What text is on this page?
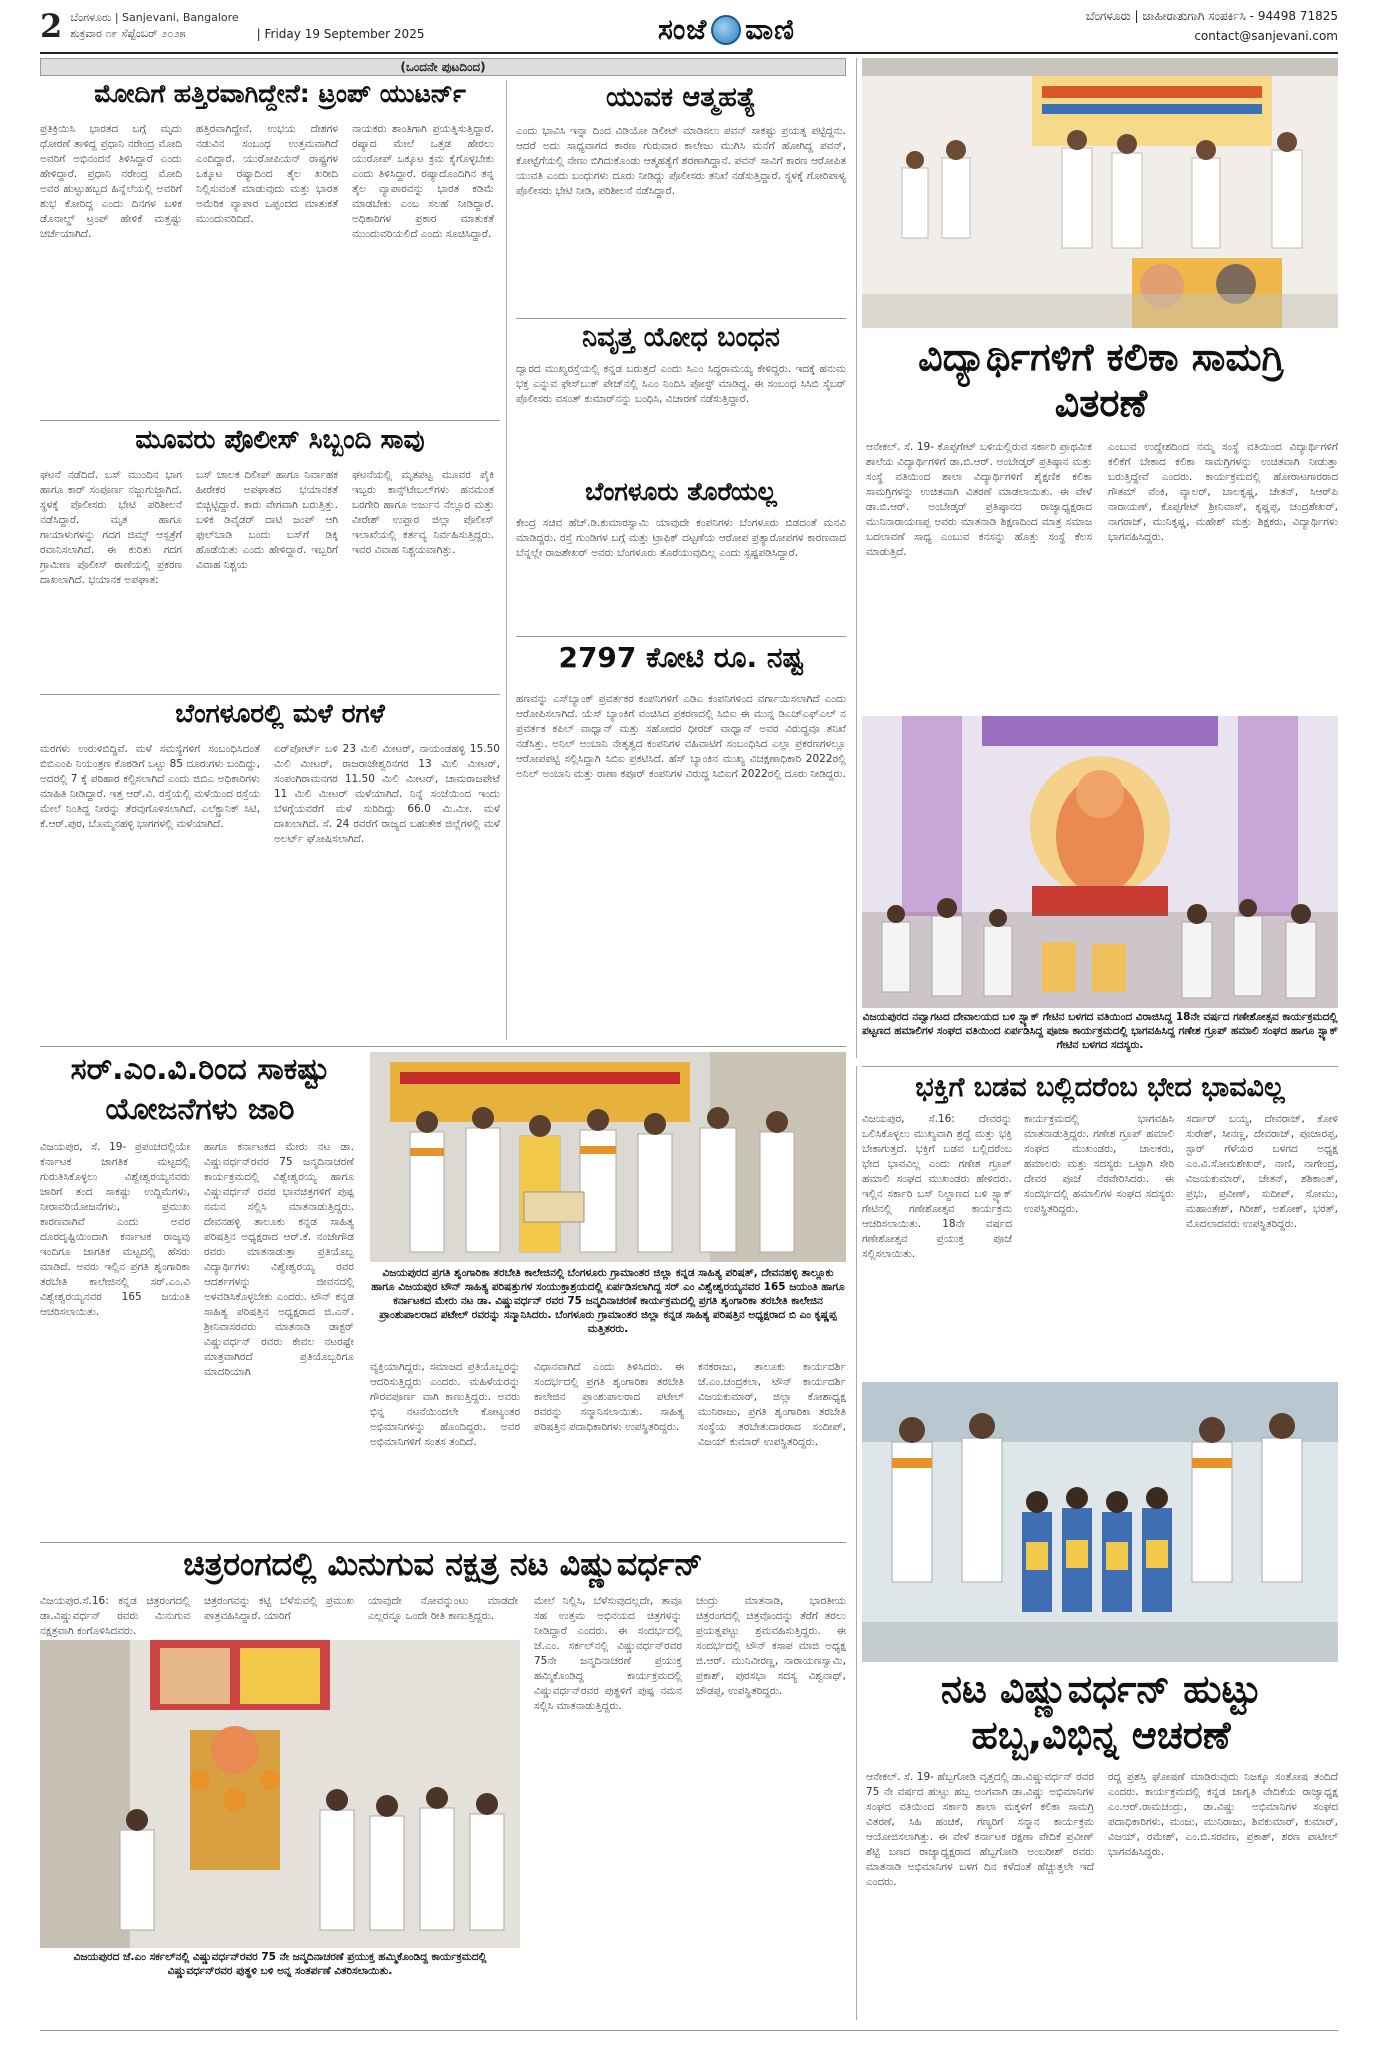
2 ಬೆಂಗಳೂರು | Sanjevani, Bangalore
ಶುಕ್ರವಾರ ೧೯ ಸೆಪ್ಟೆಂಬರ್ ೨೦೨೫	| Friday 19 September 2025	ಸಂಜೆ ವಾಣಿ	ಬೆಂಗಳೂರು | ಜಾಹೀರಾತುಗಾಗಿ ಸಂಪರ್ಕಿಸಿ - 94498 71825
contact@sanjevani.com
(ಒಂದನೇ ಪುಟದಿಂದ)
ಮೋದಿಗೆ ಹತ್ತಿರವಾಗಿದ್ದೇನೆ: ಟ್ರಂಪ್ ಯುಟರ್ನ್
ಪ್ರತಿಕ್ರಿಯಿಸಿ ಭಾರತದ ಬಗ್ಗೆ ಮೃದು ಧೋರಣೆ ತಾಳಿದ್ದ ಪ್ರಧಾನಿ ನರೇಂದ್ರ ಮೋದಿ ಅವರಿಗೆ ಅಭಿನಂದನೆ ತಿಳಿಸಿದ್ದಾರೆ ಎಂದು ಹೇಳಿದ್ದಾರೆ. ಪ್ರಧಾನಿ ನರೇಂದ್ರ ಮೋದಿ ಅವರ ಹುಟ್ಟುಹಬ್ಬದ ಹಿನ್ನೆಲೆಯಲ್ಲಿ ಅವರಿಗೆ ಶುಭ ಕೋರಿದ್ದ ಎಂದು ದಿನಗಳ ಬಳಿಕ ಡೊನಾಲ್ಡ್ ಟ್ರಂಪ್ ಹೇಳಿಕೆ ಮತ್ತಷ್ಟು ಚರ್ಚೆಯಾಗಿದೆ.
ಹತ್ತಿರವಾಗಿದ್ದೇನೆ. ಉಭಯ ದೇಶಗಳ ನಡುವಿನ ಸಂಬಂಧ ಉತ್ತಮವಾಗಿದೆ ಎಂದಿದ್ದಾರೆ. ಯುರೋಪಿಯನ್ ರಾಷ್ಟ್ರಗಳ ಒಕ್ಕೂಟ ರಷ್ಯಾದಿಂದ ತೈಲ ಖರೀದಿ ನಿಲ್ಲಿಸುವಂತೆ ಮಾಡುವುದು ಮತ್ತು ಭಾರತ ಅಮೆರಿಕ ವ್ಯಾಪಾರ ಒಪ್ಪಂದದ ಮಾತುಕತೆ ಮುಂದುವರಿದಿದೆ.
ನಾಯಕರು ಶಾಂತಿಗಾಗಿ ಪ್ರಯತ್ನಿಸುತ್ತಿದ್ದಾರೆ. ರಷ್ಯಾದ ಮೇಲೆ ಒತ್ತಡ ಹೇರಲು ಯುರೋಪ್ ಒಕ್ಕೂಟ ಕ್ರಮ ಕೈಗೊಳ್ಳಬೇಕು ಎಂದು ತಿಳಿಸಿದ್ದಾರೆ. ರಷ್ಯಾದೊಂದಿಗಿನ ತನ್ನ ತೈಲ ವ್ಯಾಪಾರವನ್ನು ಭಾರತ ಕಡಿಮೆ ಮಾಡಬೇಕು ಎಂಬ ಸಲಹೆ ನೀಡಿದ್ದಾರೆ. ಅಧಿಕಾರಿಗಳ ಪ್ರಕಾರ ಮಾತುಕತೆ ಮುಂದುವರಿಯಲಿದೆ ಎಂದು ಸೂಚಿಸಿದ್ದಾರೆ.
ಮೂವರು ಪೊಲೀಸ್ ಸಿಬ್ಬಂದಿ ಸಾವು
ಘಟನೆ ನಡೆದಿದೆ. ಬಸ್ ಮುಂದಿನ ಭಾಗ ಹಾಗೂ ಕಾರ್ ಸಂಪೂರ್ಣ ನಜ್ಜುಗುಜ್ಜಾಗಿದೆ. ಸ್ಥಳಕ್ಕೆ ಪೊಲೀಸರು ಭೇಟಿ ಪರಿಶೀಲನೆ ನಡೆಸಿದ್ದಾರೆ. ಮೃತ ಹಾಗೂ ಗಾಯಾಳುಗಳನ್ನು ಗದಗ ಜಿಮ್ಸ್ ಆಸ್ಪತ್ರೆಗೆ ರವಾನಿಸಲಾಗಿದೆ. ಈ ಕುರಿತು ಗದಗ ಗ್ರಾಮೀಣ ಪೊಲೀಸ್ ಠಾಣೆಯಲ್ಲಿ ಪ್ರಕರಣ ದಾಖಲಾಗಿದೆ. ಭಯಾನಕ ಅಪಘಾತ:
ಬಸ್ ಚಾಲಕ ದಿಲೀಪ್ ಹಾಗೂ ನಿರ್ವಾಹಕ ಹೀರೇಕರ ಅಪಘಾತದ ಭಯಾನಕತೆ ಬಿಚ್ಚಿಟ್ಟಿದ್ದಾರೆ. ಕಾರು ವೇಗವಾಗಿ ಬರುತ್ತಿತ್ತು. ಬಳಿಕ ಡಿವೈಡರ್ ದಾಟಿ ಜಂಪ್ ಆಗಿ ಫುಲ್‌ಬಾಡಿ ಬಂದು ಬಸ್‌ಗೆ ಡಿಕ್ಕಿ ಹೊಡೆಯಿತು ಎಂದು ಹೇಳಿದ್ದಾರೆ. ಇಬ್ಬರಿಗೆ ವಿವಾಹ ನಿಶ್ಚಯ
ಘಟನೆಯಲ್ಲಿ ಮೃತಪಟ್ಟ ಮೂವರ ಪೈಕಿ ಇಬ್ಬರು ಕಾನ್ಸ್‌ಟೇಬಲ್‌ಗಳು ಹನಮಂತ ಬರಗೇರಿ ಹಾಗೂ ಅರ್ಜುನ ನೆಲ್ಲೂರ ಮತ್ತು ವೀರೇಶ್ ಉಪ್ಪಾರ ಜಿಲ್ಲಾ ಪೊಲೀಸ್ ಇಲಾಖೆಯಲ್ಲಿ ಕರ್ತವ್ಯ ನಿರ್ವಹಿಸುತ್ತಿದ್ದರು. ಇವರ ವಿವಾಹ ನಿಶ್ಚಯವಾಗಿತ್ತು.
ಬೆಂಗಳೂರಲ್ಲಿ ಮಳೆ ರಗಳೆ
ಮರಗಳು ಉರುಳಿಬಿದ್ದಿವೆ. ಮಳೆ ಸಮಸ್ಯೆಗಳಿಗೆ ಸಂಬಂಧಿಸಿದಂತೆ ಬಿಬಿಎಂಪಿ ನಿಯಂತ್ರಣ ಕೊಠಡಿಗೆ ಒಟ್ಟು 85 ದೂರುಗಳು ಬಂದಿದ್ದು, ಅದರಲ್ಲಿ 7 ಕ್ಕೆ ಪರಿಹಾರ ಕಲ್ಪಿಸಲಾಗಿದೆ ಎಂದು ಜಿಬಿಎ ಅಧಿಕಾರಿಗಳು ಮಾಹಿತಿ ನೀಡಿದ್ದಾರೆ. ಇತ್ತ ಆರ್.ವಿ. ರಸ್ತೆಯಲ್ಲಿ ಮಳೆಯಿಂದ ರಸ್ತೆಯ ಮೇಲೆ ನಿಂತಿದ್ದ ನೀರನ್ನು ತೆರವುಗೊಳಿಸಲಾಗಿದೆ. ಎಲೆಕ್ಟ್ರಾನಿಕ್ ಸಿಟಿ, ಕೆ.ಆರ್.ಪುರ, ಬೊಮ್ಮನಹಳ್ಳಿ ಭಾಗಗಳಲ್ಲಿ ಮಳೆಯಾಗಿದೆ.
ಏರ್‌ಪೋರ್ಟ್ ಬಳಿ 23 ಮಿಲಿ ಮೀಟರ್, ನಾಯಂಡಹಳ್ಳಿ 15.50 ಮಿಲಿ ಮೀಟರ್, ರಾಜರಾಜೇಶ್ವರಿನಗರ 13 ಮಿಲಿ ಮೀಟರ್, ಸಂಪಂಗಿರಾಮನಗರ 11.50 ಮಿಲಿ ಮೀಟರ್, ಚಾಮರಾಜಪೇಟೆ 11 ಮಿಲಿ ಮೀಟರ್ ಮಳೆಯಾಗಿದೆ. ನಿನ್ನೆ ಸಂಜೆಯಿಂದ ಇಂದು ಬೆಳಗ್ಗೆಯವರೆಗೆ ಮಳೆ ಸುರಿದಿದ್ದು 66.0 ಮಿ.ಮೀ. ಮಳೆ ದಾಖಲಾಗಿದೆ. ಸೆ. 24 ರವರೆಗೆ ರಾಜ್ಯದ ಬಹುತೇಕ ಜಿಲ್ಲೆಗಳಲ್ಲಿ ಮಳೆ ಅಲರ್ಟ್ ಘೋಷಿಸಲಾಗಿದೆ.
ಯುವಕ ಆತ್ಮಹತ್ಯೆ
ಎಂದು ಭಾವಿಸಿ ಇನ್ನಾ ದಿಂದ ವಿಡಿಯೋ ಡಿಲೀಟ್ ಮಾಡಿಸಲು ಪವನ್ ಸಾಕಷ್ಟು ಪ್ರಯತ್ನ ಪಟ್ಟಿದ್ದನು. ಆದರೆ ಅದು ಸಾಧ್ಯವಾಗದ ಕಾರಣ ಗುರುವಾರ ಕಾಲೇಜು ಮುಗಿಸಿ ಮನೆಗೆ ಹೋಗಿದ್ದ ಪವನ್, ಕೋಟ್ಟೆಗೆಯಲ್ಲಿ ನೇಣು ಬಿಗಿದುಕೊಂಡು ಆತ್ಮಹತ್ಯೆಗೆ ಶರಣಾಗಿದ್ದಾನೆ. ಪವನ್ ಸಾವಿಗೆ ಕಾರಣ ಆರೋಪಿತ ಯುವತಿ ಎಂದು ಬಂಧುಗಳು ದೂರು ನೀಡಿದ್ದು ಪೊಲೀಸರು ತನಿಖೆ ನಡೆಸುತ್ತಿದ್ದಾರೆ. ಸ್ಥಳಕ್ಕೆ ಗೋರಿಪಾಳ್ಯ ಪೊಲೀಸರು ಭೇಟಿ ನೀಡಿ, ಪರಿಶೀಲನೆ ನಡೆಸಿದ್ದಾರೆ.
ನಿವೃತ್ತ ಯೋಧ ಬಂಧನ
ದ್ವಾರದ ಮುಖ್ಯರಸ್ತೆಯಲ್ಲಿ ಕನ್ನಡ ಬರುತ್ತದೆ ಎಂದು ಸಿಎಂ ಸಿದ್ದರಾಮಯ್ಯ ಕೇಳಿದ್ದರು. ಇದಕ್ಕೆ ಹನುಮ ಭಕ್ತ ಎನ್ನುವ ಫೇಸ್‌ಬುಕ್ ಪೇಜ್‌ನಲ್ಲಿ ಸಿಎಂ ನಿಂದಿಸಿ ಪೋಸ್ಟ್ ಮಾಡಿದ್ದ. ಈ ಸಂಬಂಧ ಸಿಸಿಬಿ ಸೈಬರ್ ಪೊಲೀಸರು ವಸಂತ್ ಕುಮಾರ್‌ನನ್ನು ಬಂಧಿಸಿ, ವಿಚಾರಣೆ ನಡೆಸುತ್ತಿದ್ದಾರೆ.
ಬೆಂಗಳೂರು ತೊರೆಯಲ್ಲ
ಕೇಂದ್ರ ಸಚಿವ ಹೆಚ್.ಡಿ.ಕುಮಾರಸ್ವಾಮಿ ಯಾವುದೇ ಕಂಪನಿಗಳು ಬೆಂಗಳೂರು ಬಿಡದಂತೆ ಮನವಿ ಮಾಡಿದ್ದರು. ರಸ್ತೆ ಗುಂಡಿಗಳ ಬಗ್ಗೆ ಮತ್ತು ಟ್ರಾಫಿಕ್ ದಟ್ಟಣೆಯ ಆರೋಪ ಪ್ರತ್ಯಾರೋಪಗಳ ಕಾರಣವಾದ ಬೆನ್ನಲ್ಲೇ ರಾಜಶೇಖರ್ ಅವರು ಬೆಂಗಳೂರು ತೊರೆಯುವುದಿಲ್ಲ ಎಂದು ಸ್ಪಷ್ಟಪಡಿಸಿದ್ದಾರೆ.
2797 ಕೋಟಿ ರೂ. ನಷ್ಟ
ಹಣವನ್ನು ಎಸ್‌ಬ್ಯಾಂಕ್ ಪ್ರವರ್ತಕರ ಕಂಪನಿಗಳಿಗೆ ಎಡಿಎ ಕಂಪನಿಗಳಿಂದ ವರ್ಗಾಯಿಸಲಾಗಿದೆ ಎಂದು ಆರೋಪಿಸಲಾಗಿದೆ. ಯೆಸ್ ಬ್ಯಾಂಕಿಗೆ ವಂಚಿಸಿದ ಪ್ರಕರಣದಲ್ಲಿ ಸಿಬಿಐ ಈ ಮುನ್ನ ಡಿಎಚ್‌ಎಫ್‌ಎಲ್ ನ ಪ್ರವರ್ತಕ ಕಪಿಲ್ ವಾಧ್ವಾನ್ ಮತ್ತು ಸಹೋದರ ಧೀರಜ್ ವಾಧ್ವಾನ್ ಅವರ ವಿರುದ್ಧವೂ ತನಿಖೆ ನಡೆಸಿತ್ತು. ಅನಿಲ್ ಅಂಬಾನಿ ನೇತೃತ್ವದ ಕಂಪನಿಗಳ ವಹಿವಾಟಿಗೆ ಸಂಬಂಧಿಸಿದ ಎಲ್ಲಾ ಪ್ರಕರಣಗಳಲ್ಲೂ ಆರೋಪಪಟ್ಟಿ ಸಲ್ಲಿಸಿದ್ದಾಗಿ ಸಿಬಿಐ ಪ್ರಕಟಿಸಿದೆ. ಹೆಸ್ ಬ್ಯಾಂಕಿನ ಮುಖ್ಯ ವಿಚಕ್ಷಣಾಧಿಕಾರಿ 2022ರಲ್ಲಿ ಅನಿಲ್ ಅಂಬಾನಿ ಮತ್ತು ರಾಣಾ ಕಪೂರ್ ಕಂಪನಿಗಳ ವಿರುದ್ಧ ಸಿಬಿಐಗೆ 2022ರಲ್ಲಿ ದೂರು ನೀಡಿದ್ದರು.
ವಿದ್ಯಾರ್ಥಿಗಳಿಗೆ ಕಲಿಕಾ ಸಾಮಗ್ರಿ ವಿತರಣೆ
ಆನೇಕಲ್. ಸೆ. 19- ಕೊಪ್ಪಗೇಟ್ ಬಳಿಯಲ್ಲಿರುವ ಸರ್ಕಾರಿ ಪ್ರಾಥಮಿಕ ಶಾಲೆಯ ವಿದ್ಯಾರ್ಥಿಗಳಿಗೆ ಡಾ.ಬಿ.ಆರ್. ಅಂಬೇಡ್ಕರ್ ಪ್ರತಿಷ್ಠಾನ ಮತ್ತು ಸಂಸ್ಥೆ ವತಿಯಿಂದ ಶಾಲಾ ವಿದ್ಯಾರ್ಥಿಗಳಿಗೆ ಶೈಕ್ಷಣಿಕ ಕಲಿಕಾ ಸಾಮಗ್ರಿಗಳನ್ನು ಉಚಿತವಾಗಿ ವಿತರಣೆ ಮಾಡಲಾಯಿತು. ಈ ವೇಳೆ ಡಾ.ಬಿ.ಆರ್. ಅಂಬೇಡ್ಕರ್ ಪ್ರತಿಷ್ಠಾನದ ರಾಜ್ಯಾಧ್ಯಕ್ಷರಾದ ಮುನಿನಾರಾಯಣಪ್ಪ ಅವರು ಮಾತನಾಡಿ ಶಿಕ್ಷಣದಿಂದ ಮಾತ್ರ ಸಮಾಜ ಬದಲಾವಣೆ ಸಾಧ್ಯ ಎಂಬುವ ಕನಸನ್ನು ಹೊತ್ತು ಸಂಸ್ಥೆ ಕೆಲಸ ಮಾಡುತ್ತಿದೆ.
ಎಂಬುವ ಉದ್ದೇಶದಿಂದ ನಮ್ಮ ಸಂಸ್ಥೆ ವತಿಯಿಂದ ವಿದ್ಯಾರ್ಥಿಗಳಿಗೆ ಕಲಿಕೆಗೆ ಬೇಕಾದ ಕಲಿಕಾ ಸಾಮಗ್ರಿಗಳನ್ನು ಉಚಿತವಾಗಿ ನೀಡುತ್ತಾ ಬರುತ್ತಿದ್ದೇವೆ ಎಂದರು. ಕಾರ್ಯಕ್ರಮದಲ್ಲಿ ಹೋರಾಟಗಾರರಾದ ಗೌತಮ್ ವೆಂಕಿ, ವ್ಯಾಲರ್, ಬಾಲಕೃಷ್ಣ, ಚೇತನ್, ಸಿಆರ್‌ಪಿ ನಾರಾಯಣ್, ಕೊಪ್ಪಗೇಟ್ ಶ್ರೀನಿವಾಸ್, ಕೃಷ್ಣಪ್ಪ, ಚಂದ್ರಶೇಖರ್, ನಾಗರಾಜ್, ಮುನಿಕೃಷ್ಣ, ಮಹೇಶ್ ಮತ್ತು ಶಿಕ್ಷಕರು, ವಿದ್ಯಾರ್ಥಿಗಳು ಭಾಗವಹಿಸಿದ್ದರು.
ವಿಜಯಪುರದ ನವ್ವಾಗಟದ ದೇವಾಲಯದ ಬಳಿ ಸ್ಟ್ಯಾಕ್ ಗೇಟಿನ ಬಳಗದ ವತಿಯಿಂದ ವಿರಾಜಿಸಿದ್ದ 18ನೇ ವರ್ಷದ ಗಣೇಶೋತ್ಸವ ಕಾರ್ಯಕ್ರಮದಲ್ಲಿ ಪಟ್ಟಣದ ಹಮಾಲಿಗಳ ಸಂಘದ ವತಿಯಿಂದ ಏರ್ಪಡಿಸಿದ್ದ ಪೂಜಾ ಕಾರ್ಯಕ್ರಮದಲ್ಲಿ ಭಾಗವಹಿಸಿದ್ದ ಗಣೇಶ ಗ್ರೂಪ್ ಹಮಾಲಿ ಸಂಘದ ಹಾಗೂ ಸ್ಟ್ಯಾಕ್ ಗೇಟಿನ ಬಳಗದ ಸದಸ್ಯರು.
ಸರ್.ಎಂ.ವಿ.ರಿಂದ ಸಾಕಷ್ಟು ಯೋಜನೆಗಳು ಜಾರಿ
ವಿಜಯಪುರ, ಸೆ. 19- ಪ್ರಪಂಚದಲ್ಲಿಯೇ ಕರ್ನಾಟಕ ಜಾಗತಿಕ ಮಟ್ಟದಲ್ಲಿ ಗುರುತಿಸಿಕೊಳ್ಳಲು ವಿಶ್ವೇಶ್ವರಯ್ಯನವರು ಜಾರಿಗೆ ತಂದ ಸಾಕಷ್ಟು ಉದ್ದಿಮೆಗಳು, ನೀರಾವರಿಯೋಜನೆಗಳು, ಪ್ರಮುಖ ಕಾರಣವಾಗಿವೆ ಎಂದು ಅವರ ದೂರದೃಷ್ಟಿಯಿಂದಾಗಿ ಕರ್ನಾಟಕ ರಾಜ್ಯವು ಇಂದಿಗೂ ಜಾಗತಿಕ ಮಟ್ಟದಲ್ಲಿ ಹೆಸರು ಮಾಡಿದೆ. ಅವರು ಇಲ್ಲಿನ ಪ್ರಗತಿ ಶೃಂಗಾರಿಕಾ ತರಬೇತಿ ಕಾಲೇಜಿನಲ್ಲಿ ಸರ್.ಎಂ.ವಿ ವಿಶ್ವೇಶ್ವರಯ್ಯನವರ 165 ಜಯಂತಿ ಆಚರಿಸಲಾಯಿತು.
ಹಾಗೂ ಕರ್ನಾಟಕದ ಮೇರು ನಟ ಡಾ. ವಿಷ್ಣುವರ್ಧನ್‌ರವರ 75 ಜನ್ಮದಿನಾಚರಣೆ ಕಾರ್ಯಕ್ರಮದಲ್ಲಿ ವಿಶ್ವೇಶ್ವರಯ್ಯ ಹಾಗೂ ವಿಷ್ಣುವರ್ಧನ್ ರವರ ಭಾವಚಿತ್ರಗಳಿಗೆ ಪುಷ್ಪ ನಮನ ಸಲ್ಲಿಸಿ ಮಾತನಾಡುತ್ತಿದ್ದರು. ದೇವನಹಳ್ಳಿ ತಾಲೂಕು ಕನ್ನಡ ಸಾಹಿತ್ಯ ಪರಿಷತ್ತಿನ ಅಧ್ಯಕ್ಷರಾದ ಆರ್.ಕೆ. ನಂಜೇಗೌಡ ರವರು ಮಾತನಾಡುತ್ತಾ ಪ್ರತಿಯೊಬ್ಬ ವಿದ್ಯಾರ್ಥಿಗಳು ವಿಶ್ವೇಶ್ವರಯ್ಯ ರವರ ಆದರ್ಶಗಳನ್ನು ಜೀವನದಲ್ಲಿ ಅಳವಡಿಸಿಕೊಳ್ಳಬೇಕು ಎಂದರು. ಟೌನ್ ಕನ್ನಡ ಸಾಹಿತ್ಯ ಪರಿಷತ್ತಿನ ಅಧ್ಯಕ್ಷರಾದ ಜಿ.ಎನ್. ಶ್ರೀನಿವಾಸರವರು ಮಾತನಾಡಿ ಡಾಕ್ಟರ್ ವಿಷ್ಣುವರ್ಧನ್ ರವರು ಕೇವಲ ನಟರಷ್ಟೇ ಮಾತ್ರವಾಗಿರದೆ ಪ್ರತಿಯೊಬ್ಬರಿಗೂ ಮಾದರಿಯಾಗಿ
ವಿಜಯಪುರದ ಪ್ರಗತಿ ಶೃಂಗಾರಿಕಾ ತರಬೇತಿ ಕಾಲೇಜಿನಲ್ಲಿ ಬೆಂಗಳೂರು ಗ್ರಾಮಾಂತರ ಜಿಲ್ಲಾ ಕನ್ನಡ ಸಾಹಿತ್ಯ ಪರಿಷತ್, ದೇವನಹಳ್ಳಿ ತಾಲ್ಲೂಕು ಹಾಗೂ ವಿಜಯಪುರ ಟೌನ್ ಸಾಹಿತ್ಯ ಪರಿಷತ್ತುಗಳ ಸಂಯುಕ್ತಾಶ್ರಯದಲ್ಲಿ ಏರ್ಪಡಿಸಲಾಗಿದ್ದ ಸರ್ ಎಂ ವಿಶ್ವೇಶ್ವರಯ್ಯನವರ 165 ಜಯಂತಿ ಹಾಗೂ ಕರ್ನಾಟಕದ ಮೇರು ನಟ ಡಾ. ವಿಷ್ಣುವರ್ಧನ್ ರವರ 75 ಜನ್ಮದಿನಾಚರಣೆ ಕಾರ್ಯಕ್ರಮದಲ್ಲಿ ಪ್ರಗತಿ ಶೃಂಗಾರಿಕಾ ತರಬೇತಿ ಕಾಲೇಜಿನ ಪ್ರಾಂಶುಪಾಲರಾದ ಪಟೇಲ್ ರವರನ್ನು ಸನ್ಮಾನಿಸಿದರು. ಬೆಂಗಳೂರು ಗ್ರಾಮಾಂತರ ಜಿಲ್ಲಾ ಕನ್ನಡ ಸಾಹಿತ್ಯ ಪರಿಷತ್ತಿನ ಅಧ್ಯಕ್ಷರಾದ ಬಿ ಎಂ ಕೃಷ್ಣಪ್ಪ ಮತ್ತಿತರರು.
ವ್ಯಕ್ತಿಯಾಗಿದ್ದರು, ಸಮಾಜದ ಪ್ರತಿಯೊಬ್ಬರನ್ನು ಆದರಿಸುತ್ತಿದ್ದರು ಎಂದರು. ಮಹಿಳೆಯರನ್ನು ಗೌರವಪೂರ್ಣ ವಾಗಿ ಕಾಣುತ್ತಿದ್ದರು. ಅವರು ಭಿನ್ನ ನಟನೆಯಿಂದಲೇ ಕೋಟ್ಯಂತರ ಅಭಿಮಾನಿಗಳನ್ನು ಹೊಂದಿದ್ದರು. ಅವರ ಅಭಿಮಾನಿಗಳಿಗೆ ಸಂತಸ ತಂದಿದೆ.
ವಿಧಾನವಾಗಿದೆ ಎಂದು ತಿಳಿಸಿದರು. ಈ ಸಂದರ್ಭದಲ್ಲಿ ಪ್ರಗತಿ ಶೃಂಗಾರಿಕಾ ತರಬೇತಿ ಕಾಲೇಜಿನ ಪ್ರಾಂಶುಪಾಲರಾದ ಪಟೇಲ್ ರವರನ್ನು ಸನ್ಮಾನಿಸಲಾಯಿತು. ಸಾಹಿತ್ಯ ಪರಿಷತ್ತಿನ ಪದಾಧಿಕಾರಿಗಳು ಉಪಸ್ಥಿತರಿದ್ದರು.
ಕನಕರಾಜು, ತಾಲೂಕು ಕಾರ್ಯದರ್ಶಿ ಜೆ.ಎಂ.ಚಂದ್ರಕಲಾ, ಟೌನ್ ಕಾರ್ಯದರ್ಶಿ ವಿಜಯಕುಮಾರ್, ಜಿಲ್ಲಾ ಕೋಶಾಧ್ಯಕ್ಷ ಮುನಿರಾಜು, ಪ್ರಗತಿ ಶೃಂಗಾರಿಕಾ ತರಬೇತಿ ಸಂಸ್ಥೆಯ ತರಬೇತುದಾರರಾದ ಸಂದೀಪ್, ವಿಜಯ್ ಕುಮಾರ್ ಉಪಸ್ಥಿತರಿದ್ದರು.
ಭಕ್ತಿಗೆ ಬಡವ ಬಲ್ಲಿದರೆಂಬ ಭೇದ ಭಾವವಿಲ್ಲ
ವಿಜಯಪುರ, ಸೆ.16: ದೇವರನ್ನು ಒಲಿಸಿಕೊಳ್ಳಲು ಮುಖ್ಯವಾಗಿ ಶ್ರದ್ಧೆ ಮತ್ತು ಭಕ್ತಿ ಬೇಕಾಗುತ್ತದೆ. ಭಕ್ತಿಗೆ ಬಡವ ಬಲ್ಲಿದರೆಂಬ ಭೇದ ಭಾವವಿಲ್ಲ ಎಂದು ಗಣೇಶ ಗ್ರೂಪ್ ಹಮಾಲಿ ಸಂಘದ ಮುಖಂಡರು ಹೇಳಿದರು. ಇಲ್ಲಿನ ಸರ್ಕಾರಿ ಬಸ್ ನಿಲ್ದಾಣದ ಬಳಿ ಸ್ಟ್ಯಾಕ್ ಗೇಟಿನಲ್ಲಿ ಗಣೇಶೋತ್ಸವ ಕಾರ್ಯಕ್ರಮ ಆಚರಿಸಲಾಯಿತು. 18ನೇ ವರ್ಷದ ಗಣೇಶೋತ್ಸವ ಪ್ರಯುಕ್ತ ಪೂಜೆ ಸಲ್ಲಿಸಲಾಯಿತು.
ಕಾರ್ಯಕ್ರಮದಲ್ಲಿ ಭಾಗವಹಿಸಿ ಮಾತನಾಡುತ್ತಿದ್ದರು. ಗಣೇಶ ಗ್ರೂಪ್ ಹಮಾಲಿ ಸಂಘದ ಮುಖಂಡರು, ಚಾಲಕರು, ಹಮಾಲರು ಮತ್ತು ಸದಸ್ಯರು ಒಟ್ಟಾಗಿ ಸೇರಿ ದೇವರ ಪೂಜೆ ನೆರವೇರಿಸಿದರು. ಈ ಸಂದರ್ಭದಲ್ಲಿ ಹಮಾಲಿಗಳ ಸಂಘದ ಸದಸ್ಯರು ಉಪಸ್ಥಿತರಿದ್ದರು.
ಸರ್ದಾರ್ ಬಯ್ಯ, ದೇವರಾಜ್, ಕೋಳಿ ಸುರೇಶ್, ಸೀನಣ್ಣ, ದೇವರಾಜ್, ಪೂಜಾರಪ್ಪ, ಸ್ಟಾರ್ ಗೆಳೆಯರ ಬಳಗದ ಅಧ್ಯಕ್ಷ ಎಂ.ವಿ.ಸೋಮಶೇಖರ್, ನಾಣಿ, ನಾಗೇಂದ್ರ, ವಿಜಯಕುಮಾರ್, ಚೇತನ್, ಶಶಿಕಾಂತ್, ಪ್ರಭು, ಪ್ರವೀಣ್, ಸುದೀಪ್, ಸೋಮು, ಮಹಾಂತೇಶ್, ಗಿರೀಶ್, ಅಶೋಕ್, ಭರತ್, ಮೊದಲಾದವರು ಉಪಸ್ಥಿತರಿದ್ದರು.
ಚಿತ್ರರಂಗದಲ್ಲಿ ಮಿನುಗುವ ನಕ್ಷತ್ರ ನಟ ವಿಷ್ಣುವರ್ಧನ್
ವಿಜಯಪುರ.ಸೆ.16: ಕನ್ನಡ ಚಿತ್ರರಂಗದಲ್ಲಿ ಡಾ.ವಿಷ್ಣುವರ್ಧನ್ ರವರು ಮಿನುಗುವ ನಕ್ಷತ್ರವಾಗಿ ಕಂಗೊಳಿಸಿದವರು.
ಚಿತ್ರರಂಗವನ್ನು ಕಟ್ಟಿ ಬೆಳೆಸುವಲ್ಲಿ ಪ್ರಮುಖ ಪಾತ್ರವಹಿಸಿದ್ದಾರೆ. ಯಾರಿಗೆ
ಯಾವುದೇ ನೋವನ್ನುಂಟು ಮಾಡದೇ ಎಲ್ಲರನ್ನೂ ಒಂದೇ ರೀತಿ ಕಾಣುತ್ತಿದ್ದರು.
ಮೇಲೆ ನಿಲ್ಲಿಸಿ, ಬೆಳೆಸುವುದಲ್ಲದೇ, ತಾವೂ ಸಹ ಉತ್ತಮ ಅಭಿನಯದ ಚಿತ್ರಗಳನ್ನು ನೀಡಿದ್ದಾರೆ ಎಂದರು. ಈ ಸಂದರ್ಭದಲ್ಲಿ ಜೆ.ಎಂ. ಸರ್ಕಲ್‌ನಲ್ಲಿ ವಿಷ್ಣುವರ್ಧನ್‌ರವರ 75ನೇ ಜನ್ಮದಿನಾಚರಣೆ ಪ್ರಯುಕ್ತ ಹಮ್ಮಿಕೊಂಡಿದ್ದ ಕಾರ್ಯಕ್ರಮದಲ್ಲಿ ವಿಷ್ಣುವರ್ಧನ್‌ರವರ ಪುತ್ಥಳಿಗೆ ಪುಷ್ಪ ನಮನ ಸಲ್ಲಿಸಿ ಮಾತನಾಡುತ್ತಿದ್ದರು.
ಚಂದ್ರು ಮಾತನಾಡಿ, ಭಾರತೀಯ ಚಿತ್ರರಂಗದಲ್ಲಿ ಚಿತ್ರವೊಂದನ್ನು ತೆರೆಗೆ ತರಲು ಪ್ರಯತ್ನಪಟ್ಟು ಶ್ರಮವಹಿಸುತ್ತಿದ್ದರು. ಈ ಸಂದರ್ಭದಲ್ಲಿ ಟೌನ್ ಕಸಾಪ ಮಾಜಿ ಅಧ್ಯಕ್ಷ ಜಿ.ಆರ್. ಮುನಿವೀರಣ್ಣ, ನಾರಾಯಣಸ್ವಾಮಿ, ಪ್ರಕಾಶ್, ಪುರಸಭಾ ಸದಸ್ಯ ವಿಶ್ವನಾಥ್, ಚೌಡಪ್ಪ, ಉಪಸ್ಥಿತರಿದ್ದರು.
ವಿಜಯಪುರದ ಜೆ.ಎಂ ಸರ್ಕಲ್‌ನಲ್ಲಿ ವಿಷ್ಣುವರ್ಧನ್‌ರವರ 75 ನೇ ಜನ್ಮದಿನಾಚರಣೆ ಪ್ರಯುಕ್ತ ಹಮ್ಮಿಕೊಂಡಿದ್ದ ಕಾರ್ಯಕ್ರಮದಲ್ಲಿ ವಿಷ್ಣುವರ್ಧನ್‌ರವರ ಪುತ್ಥಳಿ ಬಳಿ ಅನ್ನ ಸಂತರ್ಪಣೆ ವಿತರಿಸಲಾಯಿತು.
ನಟ ವಿಷ್ಣುವರ್ಧನ್ ಹುಟ್ಟು ಹಬ್ಬ,ವಿಭಿನ್ನ ಆಚರಣೆ
ಆನೇಕಲ್. ಸೆ. 19- ಹೆಬ್ಬಗೋಡಿ ವೃತ್ತದಲ್ಲಿ ಡಾ.ವಿಷ್ಣುವರ್ಧನ್ ರವರ 75 ನೇ ವರ್ಷದ ಹುಟ್ಟು ಹಬ್ಬ ಅಂಗವಾಗಿ ಡಾ.ವಿಷ್ಣು ಅಭಿಮಾನಿಗಳ ಸಂಘದ ವತಿಯಿಂದ ಸರ್ಕಾರಿ ಶಾಲಾ ಮಕ್ಕಳಿಗೆ ಕಲಿಕಾ ಸಾಮಗ್ರಿ ವಿತರಣೆ, ಸಿಹಿ ಹಂಚಿಕೆ, ಗಣ್ಯರಿಗೆ ಸನ್ಮಾನ ಕಾರ್ಯಕ್ರಮ ಆಯೋಜಿಸಲಾಗಿತ್ತು. ಈ ವೇಳೆ ಕರ್ನಾಟಕ ರಕ್ಷಣಾ ವೇದಿಕೆ ಪ್ರವೀಣ್ ಶೆಟ್ಟಿ ಬಣದ ರಾಜ್ಯಾಧ್ಯಕ್ಷರಾದ ಹೆಬ್ಬಗೋಡಿ ಅಂಬರೀಶ್ ರವರು ಮಾತನಾಡಿ ಅಭಿಮಾನಿಗಳ ಬಳಗ ದಿನ ಕಳೆದಂತೆ ಹೆಚ್ಚುತ್ತಲೇ ಇದೆ ಎಂದರು.
ರದ್ದ ಪ್ರಶಸ್ತಿ ಘೋಷಣೆ ಮಾಡಿರುವುದು ನಿಜಕ್ಕೂ ಸಂತೋಷ ತಂದಿದೆ ಎಂದರು. ಕಾರ್ಯಕ್ರಮದಲ್ಲಿ ಕನ್ನಡ ಜಾಗೃತಿ ವೇದಿಕೆಯ ರಾಜ್ಯಾಧ್ಯಕ್ಷ ಎಂ.ಆರ್.ರಾಮಚಂದ್ರು, ಡಾ.ವಿಷ್ಣು ಅಭಿಮಾನಿಗಳ ಸಂಘದ ಪದಾಧಿಕಾರಿಗಳು, ಮಂಜು, ಮುನಿರಾಜು, ಶಿವಕುಮಾರ್, ಕುಮಾರ್, ವಿಜಯ್, ರಮೇಶ್, ಎಂ.ಬಿ.ಸರವಣ, ಪ್ರಕಾಶ್, ಶರಣ ಪಾಟೀಲ್ ಭಾಗವಹಿಸಿದ್ದರು.
